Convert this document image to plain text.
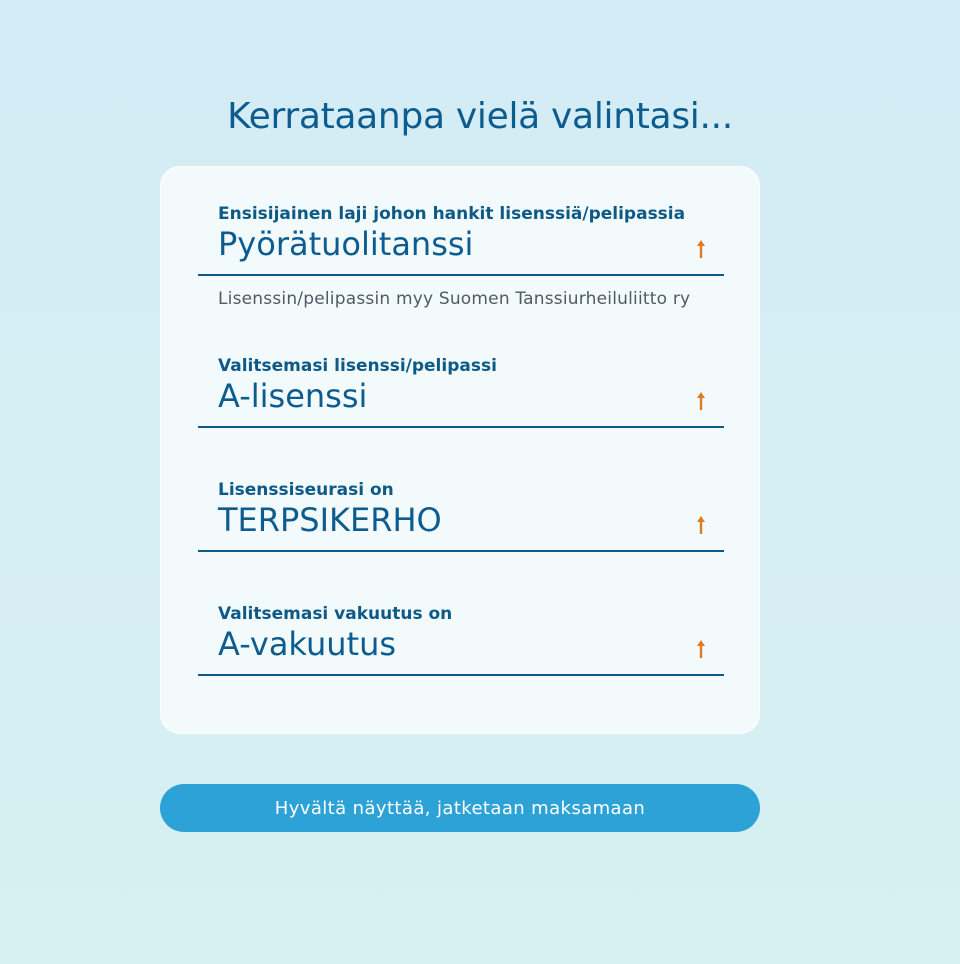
Kerrataanpa vielä valintasi...
Ensisijainen laji johon hankit lisenssiä/pelipassia
Pyörätuolitanssi
Lisenssin/pelipassin myy Suomen Tanssiurheiluliitto ry
Valitsemasi lisenssi/pelipassi
A-lisenssi
Lisenssiseurasi on
TERPSIKERHO
Valitsemasi vakuutus on
A-vakuutus
Hyvältä näyttää, jatketaan maksamaan
